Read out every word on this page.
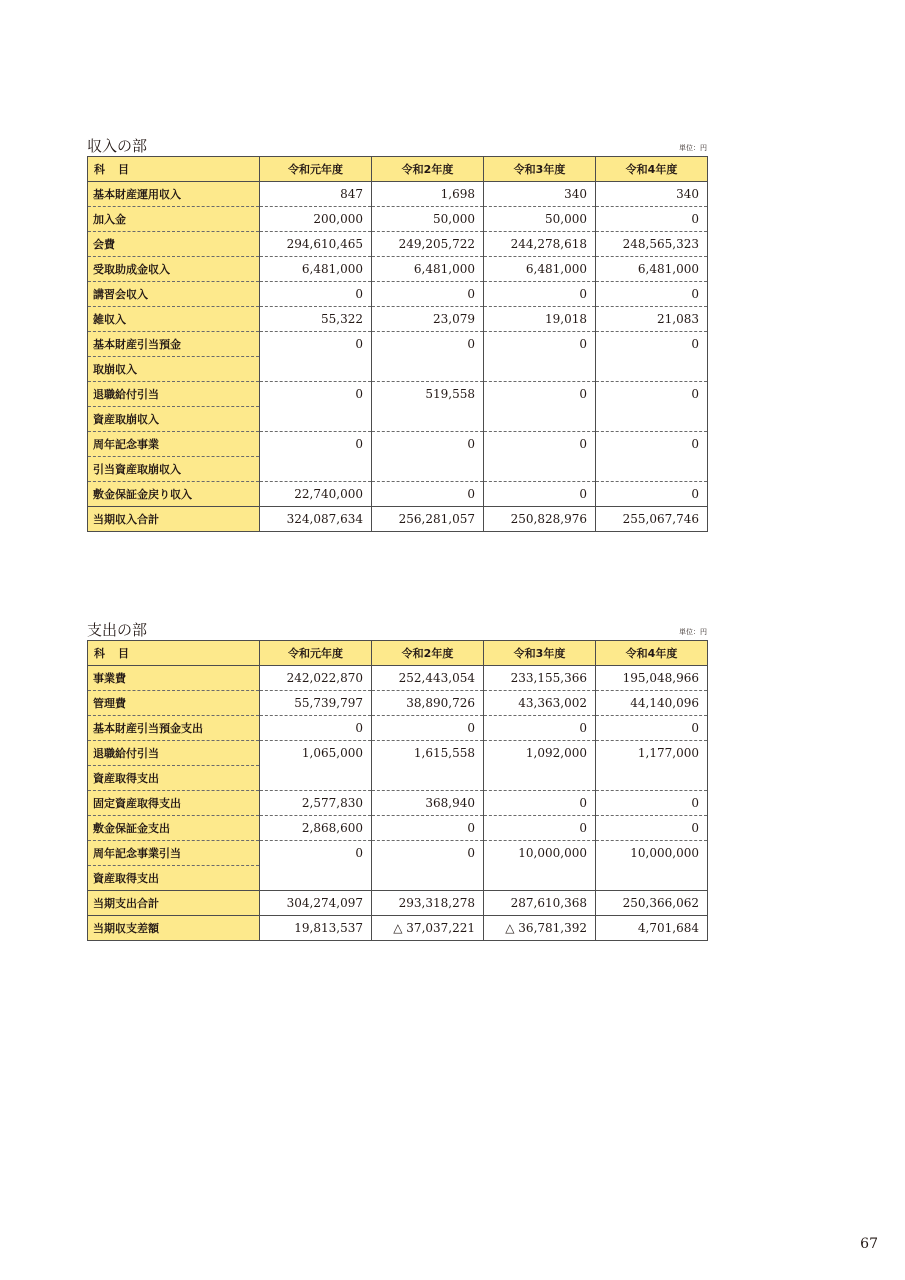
収入の部	単位：円
科　目	令和元年度	令和2年度	令和3年度	令和4年度
基本財産運用収入	847	1,698	340	340
加入金	200,000	50,000	50,000	0
会費	294,610,465	249,205,722	244,278,618	248,565,323
受取助成金収入	6,481,000	6,481,000	6,481,000	6,481,000
講習会収入	0	0	0	0
雑収入	55,322	23,079	19,018	21,083
基本財産引当預金	0	0	0	0
取崩収入				
退職給付引当	0	519,558	0	0
資産取崩収入				
周年記念事業	0	0	0	0
引当資産取崩収入				
敷金保証金戻り収入	22,740,000	0	0	0
当期収入合計	324,087,634	256,281,057	250,828,976	255,067,746
支出の部	単位：円
科　目	令和元年度	令和2年度	令和3年度	令和4年度
事業費	242,022,870	252,443,054	233,155,366	195,048,966
管理費	55,739,797	38,890,726	43,363,002	44,140,096
基本財産引当預金支出	0	0	0	0
退職給付引当	1,065,000	1,615,558	1,092,000	1,177,000
資産取得支出				
固定資産取得支出	2,577,830	368,940	0	0
敷金保証金支出	2,868,600	0	0	0
周年記念事業引当	0	0	10,000,000	10,000,000
資産取得支出				
当期支出合計	304,274,097	293,318,278	287,610,368	250,366,062
当期収支差額	19,813,537	△ 37,037,221	△ 36,781,392	4,701,684
67
